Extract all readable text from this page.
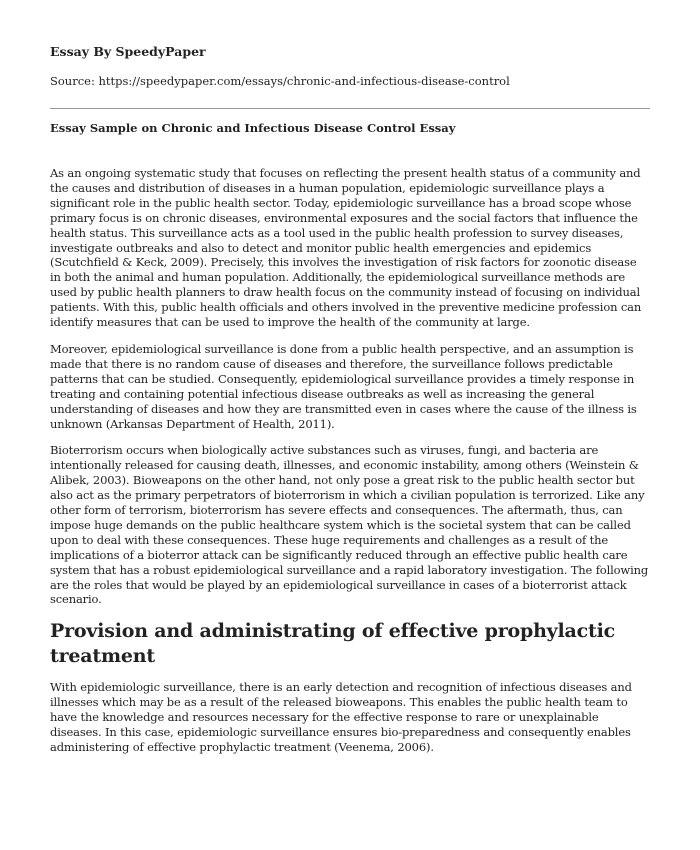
Essay By SpeedyPaper
Source: https://speedypaper.com/essays/chronic-and-infectious-disease-control
Essay Sample on Chronic and Infectious Disease Control Essay

As an ongoing systematic study that focuses on reflecting the present health status of a community and the causes and distribution of diseases in a human population, epidemiologic surveillance plays a significant role in the public health sector. Today, epidemiologic surveillance has a broad scope whose primary focus is on chronic diseases, environmental exposures and the social factors that influence the health status. This surveillance acts as a tool used in the public health profession to survey diseases, investigate outbreaks and also to detect and monitor public health emergencies and epidemics (Scutchfield & Keck, 2009). Precisely, this involves the investigation of risk factors for zoonotic disease in both the animal and human population. Additionally, the epidemiological surveillance methods are used by public health planners to draw health focus on the community instead of focusing on individual patients. With this, public health officials and others involved in the preventive medicine profession can identify measures that can be used to improve the health of the community at large.

Moreover, epidemiological surveillance is done from a public health perspective, and an assumption is made that there is no random cause of diseases and therefore, the surveillance follows predictable patterns that can be studied. Consequently, epidemiological surveillance provides a timely response in treating and containing potential infectious disease outbreaks as well as increasing the general understanding of diseases and how they are transmitted even in cases where the cause of the illness is unknown (Arkansas Department of Health, 2011).

Bioterrorism occurs when biologically active substances such as viruses, fungi, and bacteria are intentionally released for causing death, illnesses, and economic instability, among others (Weinstein & Alibek, 2003). Bioweapons on the other hand, not only pose a great risk to the public health sector but also act as the primary perpetrators of bioterrorism in which a civilian population is terrorized. Like any other form of terrorism, bioterrorism has severe effects and consequences. The aftermath, thus, can impose huge demands on the public healthcare system which is the societal system that can be called upon to deal with these consequences. These huge requirements and challenges as a result of the implications of a bioterror attack can be significantly reduced through an effective public health care system that has a robust epidemiological surveillance and a rapid laboratory investigation. The following are the roles that would be played by an epidemiological surveillance in cases of a bioterrorist attack scenario.

Provision and administrating of effective prophylactic treatment

With epidemiologic surveillance, there is an early detection and recognition of infectious diseases and illnesses which may be as a result of the released bioweapons. This enables the public health team to have the knowledge and resources necessary for the effective response to rare or unexplainable diseases. In this case, epidemiologic surveillance ensures bio-preparedness and consequently enables administering of effective prophylactic treatment (Veenema, 2006).
